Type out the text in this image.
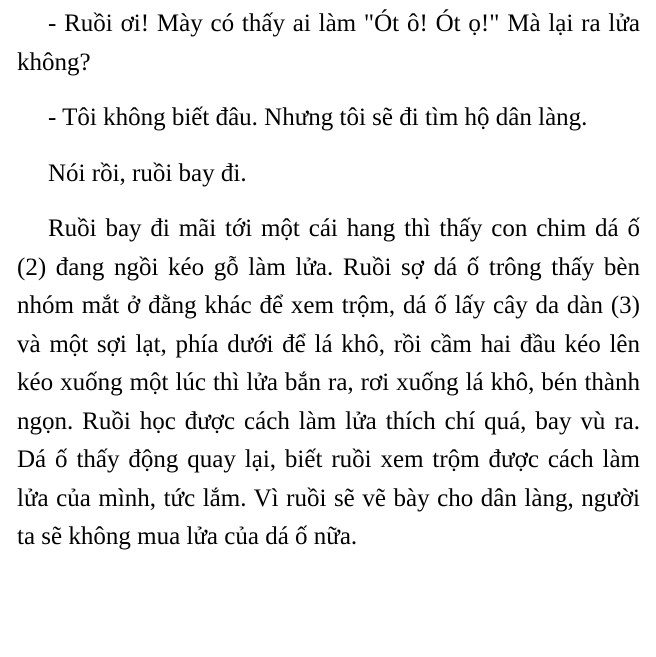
- Ruồi ơi! Mày có thấy ai làm "Ót ô! Ót ọ!" Mà lại ra lửa không?

- Tôi không biết đâu. Nhưng tôi sẽ đi tìm hộ dân làng.

Nói rồi, ruồi bay đi.

Ruồi bay đi mãi tới một cái hang thì thấy con chim dá ố (2) đang ngồi kéo gỗ làm lửa. Ruồi sợ dá ố trông thấy bèn nhóm mắt ở đằng khác để xem trộm, dá ố lấy cây da dàn (3) và một sợi lạt, phía dưới để lá khô, rồi cầm hai đầu kéo lên kéo xuống một lúc thì lửa bắn ra, rơi xuống lá khô, bén thành ngọn. Ruồi học được cách làm lửa thích chí quá, bay vù ra. Dá ố thấy động quay lại, biết ruồi xem trộm được cách làm lửa của mình, tức lắm. Vì ruồi sẽ vẽ bày cho dân làng, người ta sẽ không mua lửa của dá ố nữa.
